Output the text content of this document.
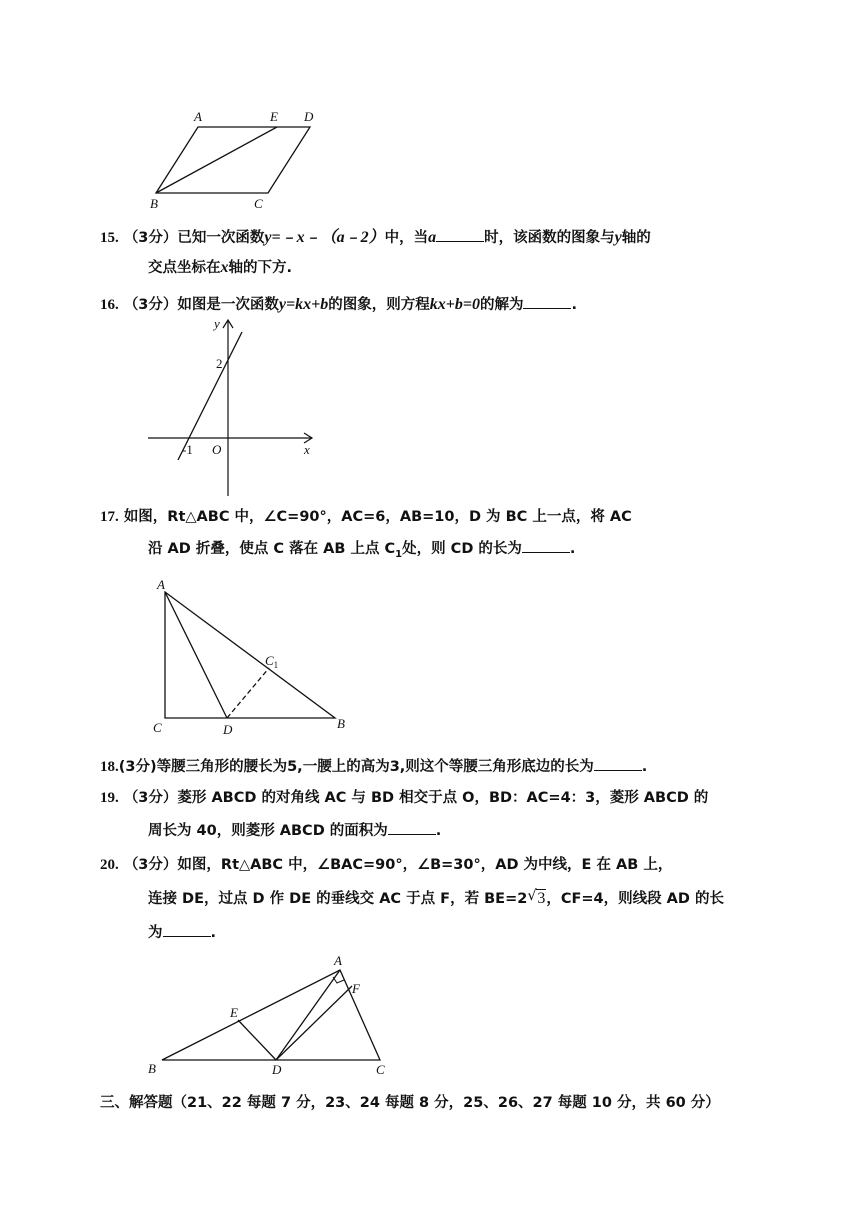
A	E D
B	C
15. （3分）已知一次函数y=﹣x﹣（a﹣2）中，当a	时，该函数的图象与y轴的
交点坐标在x轴的下方.
16. （3分）如图是一次函数y=kx+b的图象，则方程kx+b=0的解为	.
y
x
2
-1 O
17. 如图，Rt△ABC 中，∠C=90°，AC=6，AB=10，D 为 BC 上一点，将 AC
沿 AD 折叠，使点 C 落在 AB 上点 $C_1$处，则 CD 的长为	.
A
$C_1$
C	D	B
18.(3分)等腰三角形的腰长为5,一腰上的高为3,则这个等腰三角形底边的长为	.
19. （3分）菱形 ABCD 的对角线 AC 与 BD 相交于点 O，BD：AC=4：3，菱形 ABCD 的
周长为 40，则菱形 ABCD 的面积为	.
20. （3分）如图，Rt△ABC 中，∠BAC=90°，∠B=30°，AD 为中线，E 在 AB 上，
连接 DE，过点 D 作 DE 的垂线交 AC 于点 F，若 BE=2 √ 3，CF=4，则线段 AD 的长
为	.
A
F
E
B	D	C
三、解答题（21、22 每题 7 分，23、24 每题 8 分，25、26、27 每题 10 分，共 60 分）
